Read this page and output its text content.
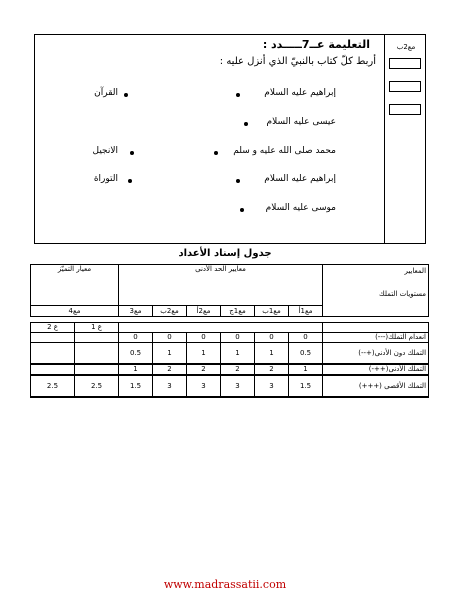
مع2ب
التعليمة عــ7ـــــدد :
أربط كلّ كتاب بالنبيّ الذي أنزل عليه :
إبراهيم عليه السلام
عيسى عليه السلام
محمد صلى الله عليه و سلم
إبراهيم عليه السلام
موسى عليه السلام
القرآن
الانجيل
التوراة
جدول إسناد الأعداد
معيار التميّز		معايير الحد الأدنى						المعايير
مستويات التملك

مع4		مع3	مع2ب	مع2أ	مع1ج	مع1ب	مع1أ	

ع 2	ع 1							
		0	0	0	0	0	0	انعدام التملك(---)
		0.5	1	1	1	1	0.5	التملك دون الأدنى(+--)
		1	2	2	2	2	1	التملك الأدنى(++-)
2.5	2.5	1.5	3	3	3	3	1.5	التملك الأقصى (+++)
www.madrassatii.com
